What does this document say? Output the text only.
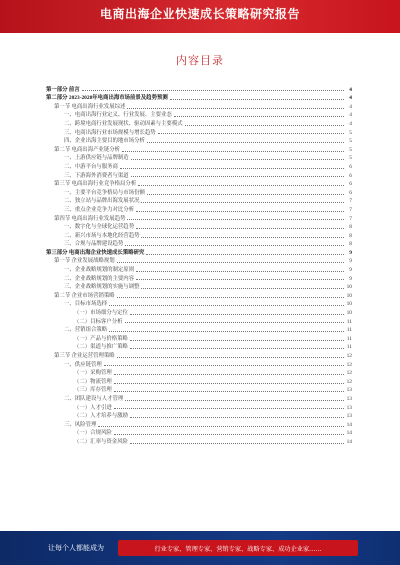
电商出海企业快速成长策略研究报告
内容目录
第一部分 前言	4
第二部分 2023-2028年电商出海市场前景及趋势预测	4
第一节 电商出海行业发展综述	4
一、电商出海行业定义、行业发展、主要业态	4
二、跨境电商行业发展现状、驱动因素与主要模式	4
三、电商出海行业市场规模与增长趋势	5
四、企业出海主要目的地市场分析	5
第二节 电商出海产业链分析	5
一、上游供应链与品牌制造	5
二、中游平台与服务商	6
三、下游海外消费者与渠道	6
第三节 电商出海行业竞争格局分析	6
一、主要平台竞争格局与市场份额	6
二、独立站与品牌出海发展状况	7
三、重点企业竞争力对比分析	7
第四节 电商出海行业发展趋势	7
一、数字化与全球化运营趋势	8
二、新兴市场与本地化经营趋势	8
三、合规与品牌建设趋势	8
第三部分 电商出海企业快速成长策略研究	9
第一节 企业发展战略规划	9
一、企业战略规划的制定原则	9
二、企业战略规划的主要内容	9
三、企业战略规划的实施与调整	10
第二节 企业市场营销策略	10
一、目标市场选择	10
（一）市场细分与定位	10
（二）目标客户分析	11
二、营销组合策略	11
（一）产品与价格策略	11
（二）渠道与推广策略	11
第三节 企业运营管理策略	12
一、供应链管理	12
（一）采购管理	12
（二）物流管理	12
（三）库存管理	13
二、团队建设与人才管理	13
（一）人才引进	13
（二）人才培养与激励	13
三、风险管理	14
（一）合规风险	14
（二）汇率与资金风险	14
让每个人都能成为	行业专家、管理专家、营销专家、战略专家、成功企业家……
